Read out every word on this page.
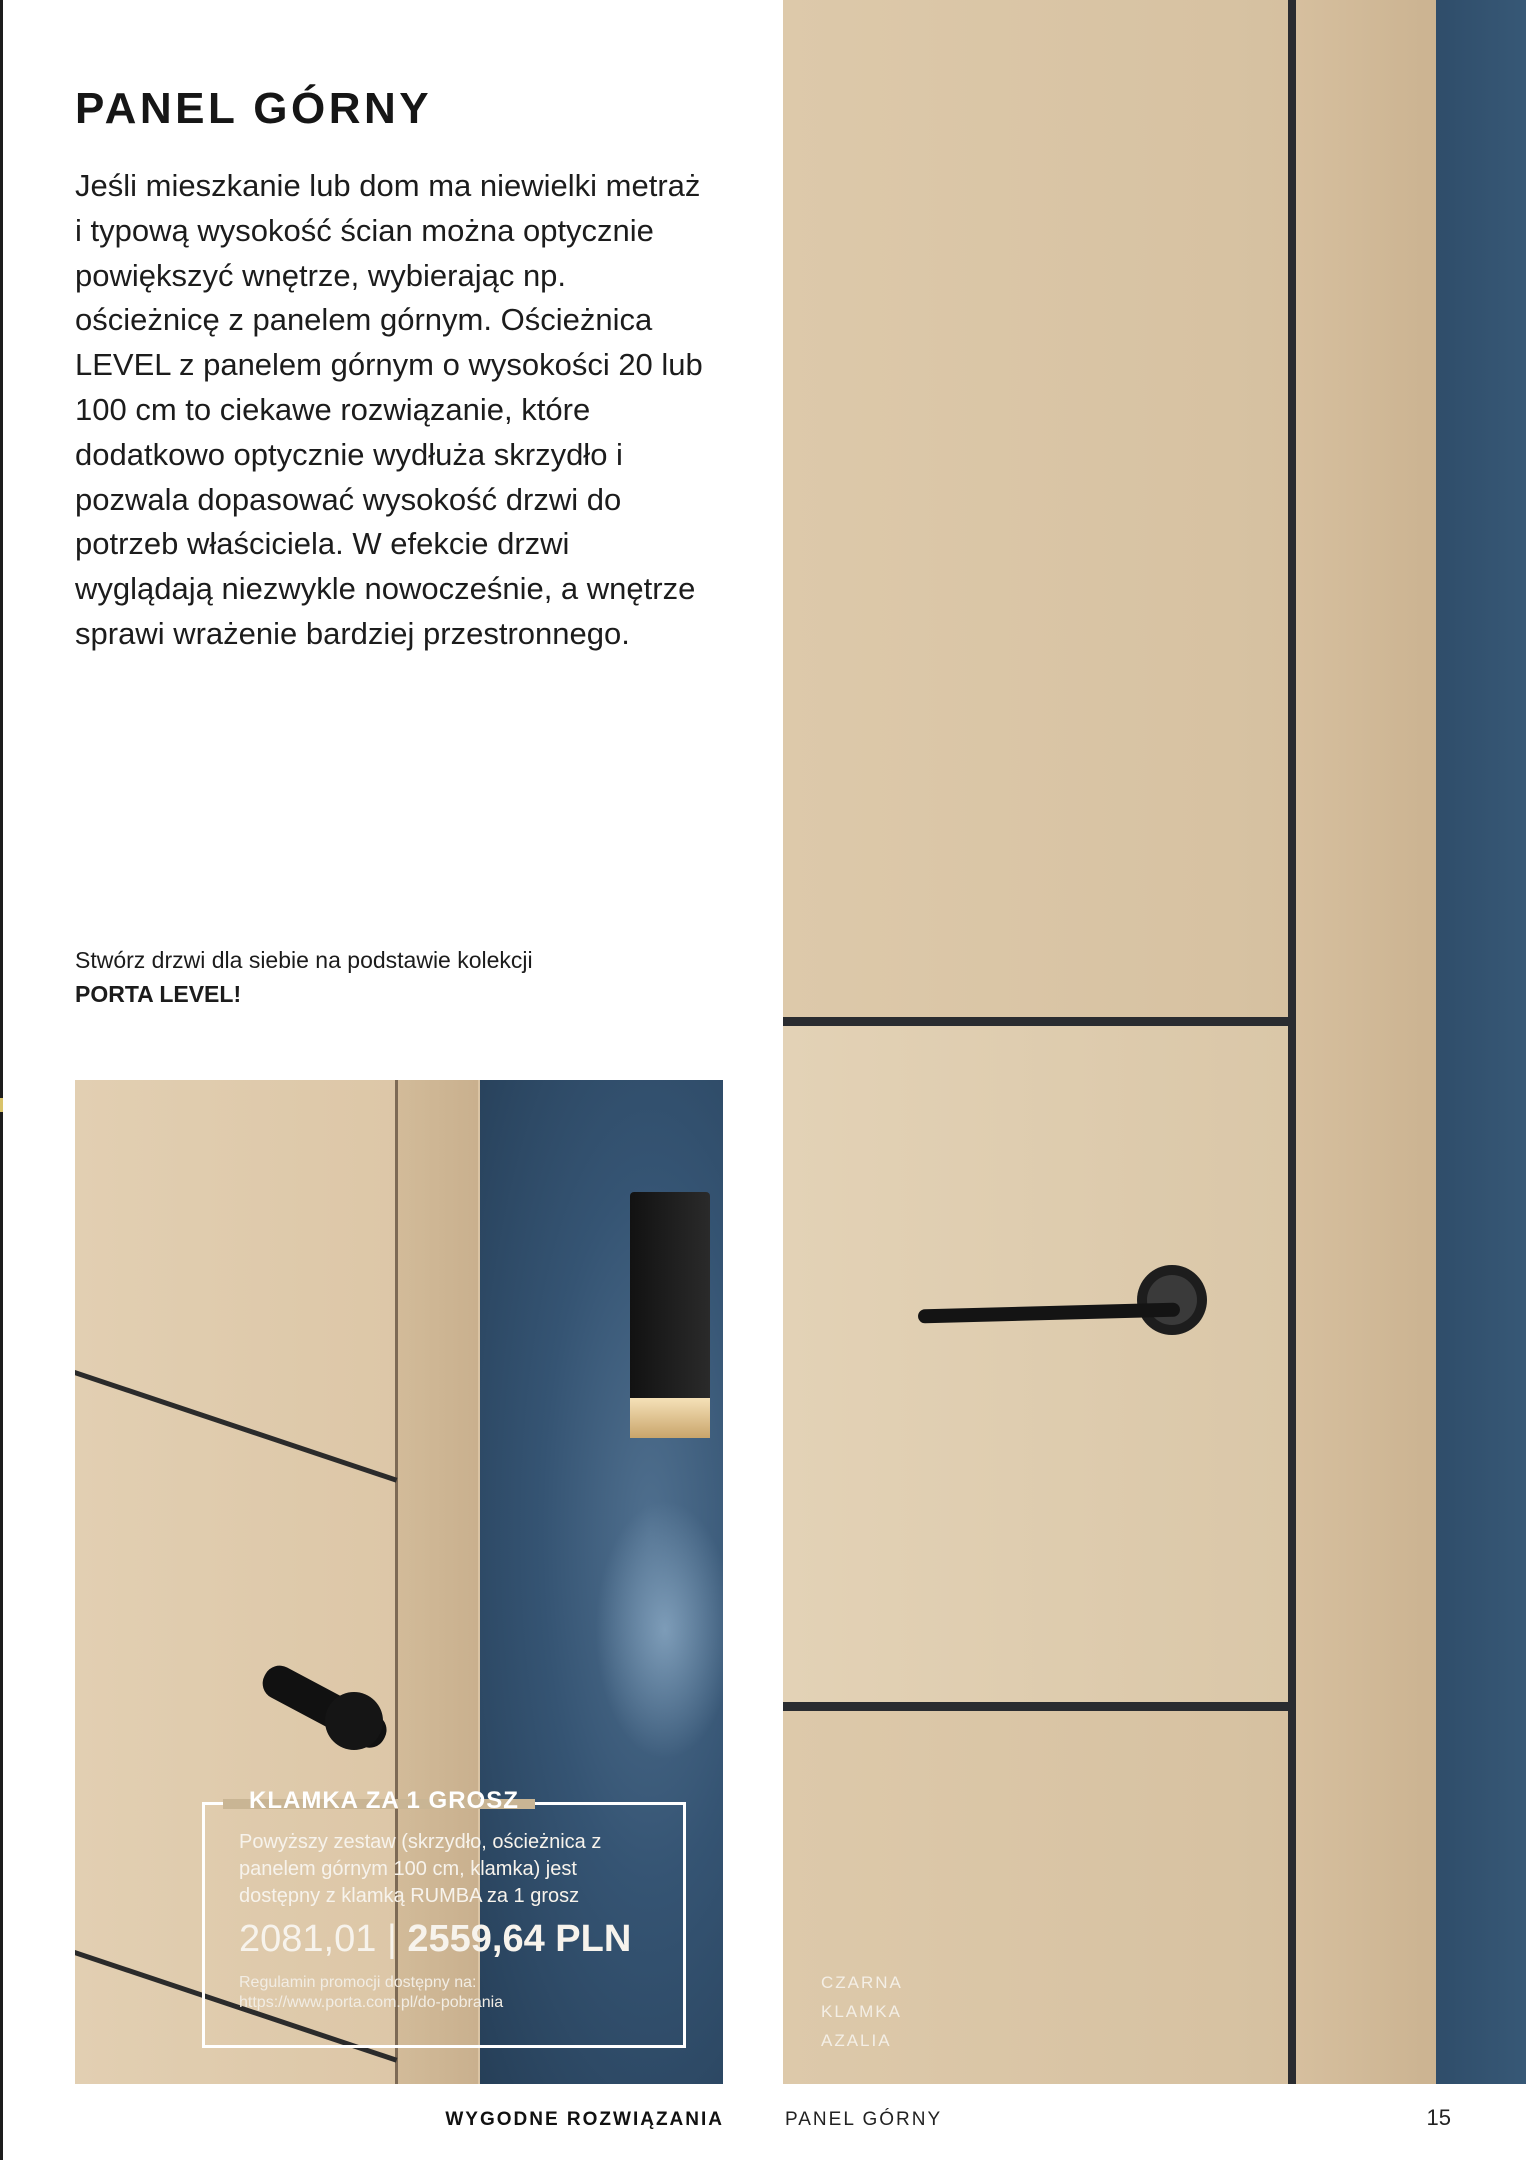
PANEL GÓRNY

Jeśli mieszkanie lub dom ma niewielki metraż i typową wysokość ścian można optycznie powiększyć wnętrze, wybierając np. ościeżnicę z panelem górnym. Ościeżnica LEVEL z panelem górnym o wysokości 20 lub 100 cm to ciekawe rozwiązanie, które dodatkowo optycznie wydłuża skrzydło i pozwala dopasować wysokość drzwi do potrzeb właściciela. W efekcie drzwi wyglądają niezwykle nowocześnie, a wnętrze sprawi wrażenie bardziej przestronnego.

Stwórz drzwi dla siebie na podstawie kolekcji PORTA LEVEL!

KLAMKA ZA 1 GROSZ

Powyższy zestaw (skrzydło, ościeżnica z panelem górnym 100 cm, klamka) jest dostępny z klamką RUMBA za 1 grosz

2081,01 | 2559,64 PLN

Regulamin promocji dostępny na: https://www.porta.com.pl/do-pobrania

CZARNA
KLAMKA
AZALIA

WYGODNE ROZWIĄZANIA	PANEL GÓRNY	15
